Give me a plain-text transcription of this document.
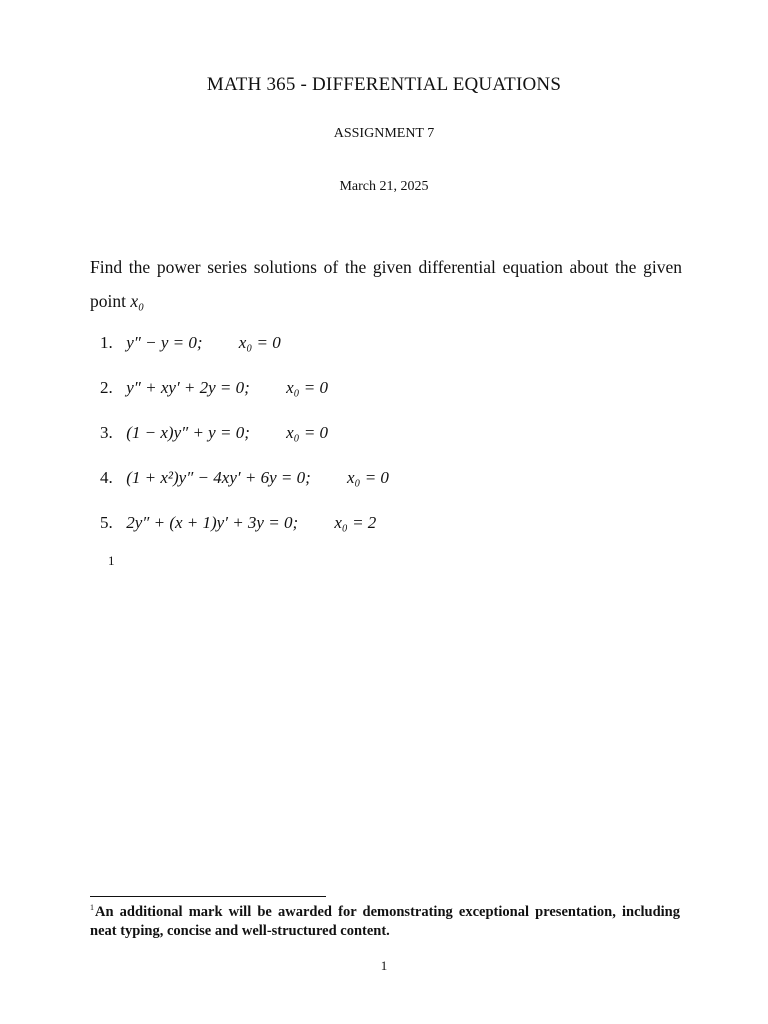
MATH 365 - DIFFERENTIAL EQUATIONS
ASSIGNMENT 7
March 21, 2025

Find the power series solutions of the given differential equation about the given point x₀

1. y″ − y = 0; x₀ = 0
2. y″ + xy′ + 2y = 0; x₀ = 0
3. (1 − x)y″ + y = 0; x₀ = 0
4. (1 + x²)y″ − 4xy′ + 6y = 0; x₀ = 0
5. 2y″ + (x + 1)y′ + 3y = 0; x₀ = 2
1

$^1$An additional mark will be awarded for demonstrating exceptional presentation, including neat typing, concise and well-structured content.

1
